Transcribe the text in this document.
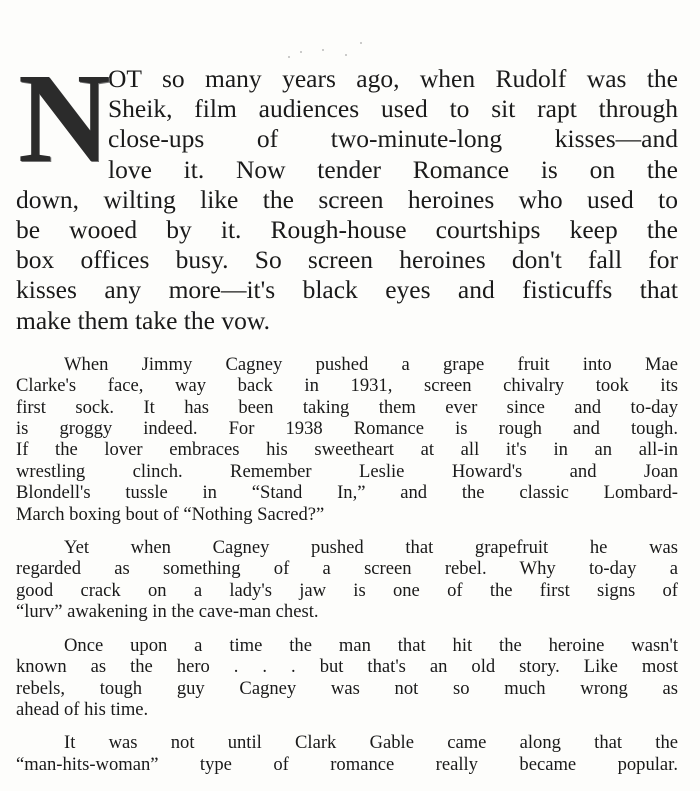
N OT so many years ago, when Rudolf was the
Sheik, film audiences used to sit rapt through
close-ups of two-minute-long kisses—and
love it. Now tender Romance is on the
down, wilting like the screen heroines who used to
be wooed by it. Rough-house courtships keep the
box offices busy. So screen heroines don't fall for
kisses any more—it's black eyes and fisticuffs that
make them take the vow.
When Jimmy Cagney pushed a grape fruit into Mae
Clarke's face, way back in 1931, screen chivalry took its
first sock. It has been taking them ever since and to-day
is groggy indeed. For 1938 Romance is rough and tough.
If the lover embraces his sweetheart at all it's in an all-in
wrestling clinch. Remember Leslie Howard's and Joan
Blondell's tussle in “Stand In,” and the classic Lombard-
March boxing bout of “Nothing Sacred?”
Yet when Cagney pushed that grapefruit he was
regarded as something of a screen rebel. Why to-day a
good crack on a lady's jaw is one of the first signs of
“lurv” awakening in the cave-man chest.
Once upon a time the man that hit the heroine wasn't
known as the hero . . . but that's an old story. Like most
rebels, tough guy Cagney was not so much wrong as
ahead of his time.
It was not until Clark Gable came along that the
“man-hits-woman” type of romance really became popular.
